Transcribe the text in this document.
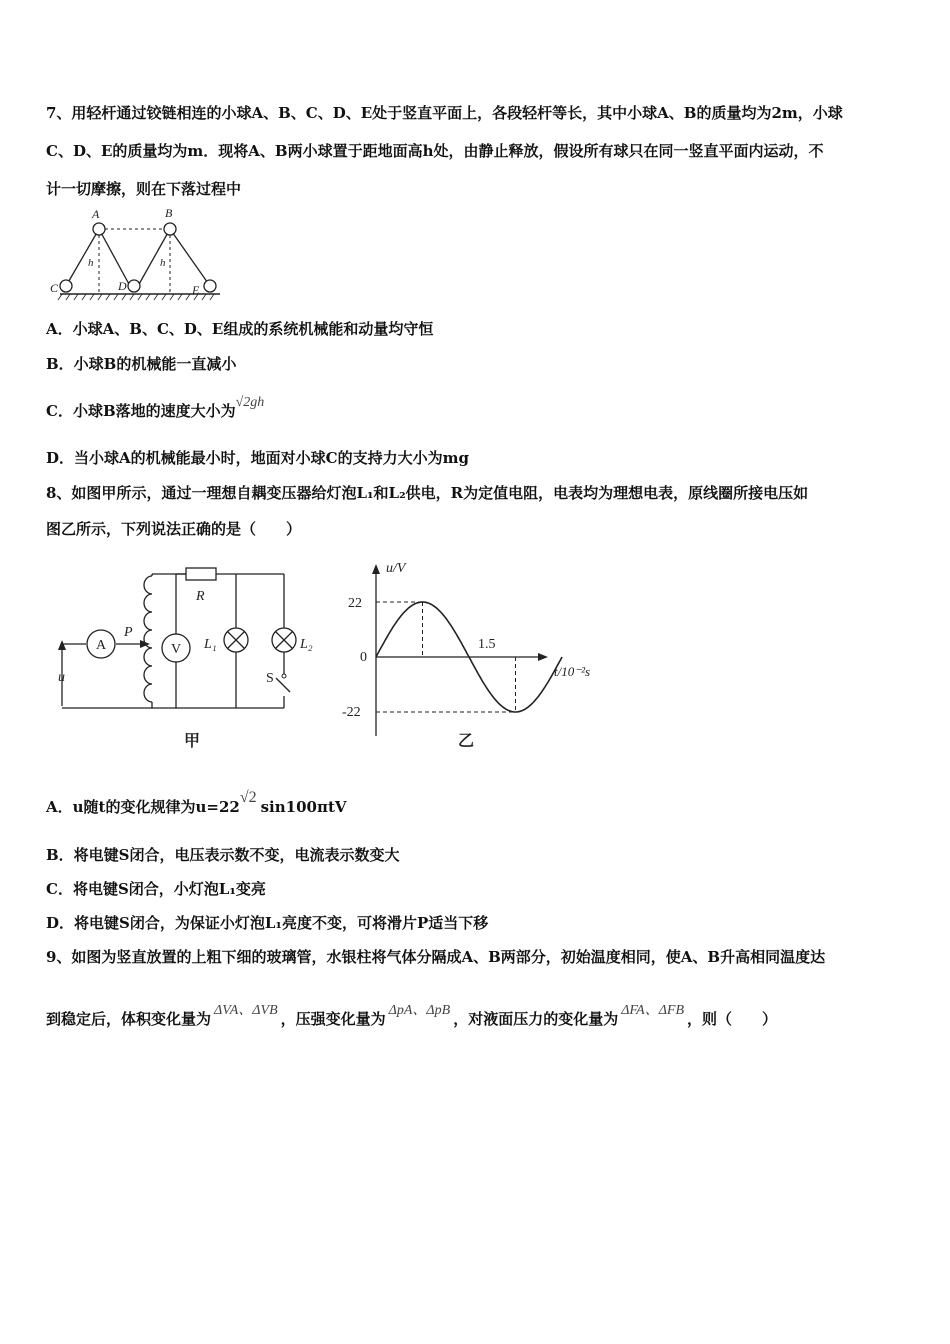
7、用轻杆通过铰链相连的小球A、B、C、D、E处于竖直平面上，各段轻杆等长，其中小球A、B的质量均为2m，小球
C、D、E的质量均为m．现将A、B两小球置于距地面高h处，由静止释放，假设所有球只在同一竖直平面内运动，不
计一切摩擦，则在下落过程中
A	B
C	D	E
h	h
A．小球A、B、C、D、E组成的系统机械能和动量均守恒
B．小球B的机械能一直减小
C．小球B落地的速度大小为√2gh
D．当小球A的机械能最小时，地面对小球C的支持力大小为mg
8、如图甲所示，通过一理想自耦变压器给灯泡L₁和L₂供电，R为定值电阻，电表均为理想电表，原线圈所接电压如
图乙所示，下列说法正确的是（　　）
A	V
P
R
L₁	L₂
S
u
甲
u/V
t/10⁻²s
22
0
-22
1.5
乙
A．u随t的变化规律为u=22√2sin100πtV
B．将电键S闭合，电压表示数不变，电流表示数变大
C．将电键S闭合，小灯泡L₁变亮
D．将电键S闭合，为保证小灯泡L₁亮度不变，可将滑片P适当下移
9、如图为竖直放置的上粗下细的玻璃管，水银柱将气体分隔成A、B两部分，初始温度相同，使A、B升高相同温度达
到稳定后，体积变化量为 ΔVA、ΔVB ，压强变化量为 ΔpA、ΔpB ，对液面压力的变化量为 ΔFA、ΔFB ，则（　　）
